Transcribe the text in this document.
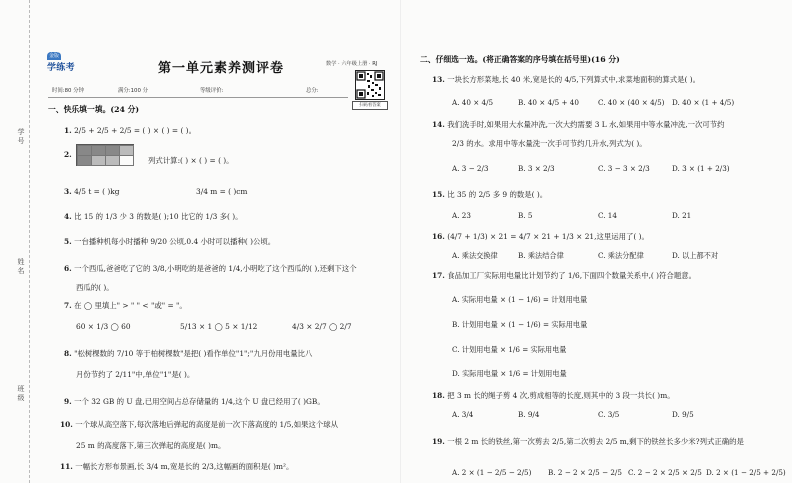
学号
姓名
班级
金版
学练考	第一单元素养测评卷	数学 · 六年级上册 · RJ
扫码看答案
时间:80 分钟	满分:100 分	等级评价:	总分:
一、快乐填一填。(24 分)
1. 2/5 + 2/5 + 2/5 = ( ) × ( ) = ( )。
2.
列式计算:( ) × ( ) = ( )。
3. 4/5 t = ( )kg	3/4 m = ( )cm
4. 比 15 的 1/3 少 3 的数是( );10 比它的 1/3 多( )。
5. 一台播种机每小时播种 9/20 公顷,0.4 小时可以播种( )公顷。
6. 一个西瓜,爸爸吃了它的 3/8,小明吃的是爸爸的 1/4,小明吃了这个西瓜的( ),还剩下这个
西瓜的( )。
7. 在 ◯ 里填上" > " " < "或" = "。
60 × 1/3 ◯ 60	5/13 × 1 ◯ 5 × 1/12	4/3 × 2/7 ◯ 2/7
8. "松树棵数的 7/10 等于柏树棵数"是把( )看作单位"1";"九月份用电量比八
月份节约了 2/11"中,单位"1"是( )。
9. 一个 32 GB 的 U 盘,已用空间占总存储量的 1/4,这个 U 盘已经用了( )GB。
10. 一个球从高空落下,每次落地后弹起的高度是前一次下落高度的 1/5,如果这个球从
25 m 的高度落下,第三次弹起的高度是( )m。
11. 一幅长方形布景画,长 3/4 m,宽是长的 2/3,这幅画的面积是( )m²。
二、仔细选一选。(将正确答案的序号填在括号里)(16 分)
13. 一块长方形菜地,长 40 米,宽是长的 4/5,下列算式中,求菜地面积的算式是( )。
A. 40 × 4/5	B. 40 × 4/5 + 40	C. 40 × (40 × 4/5) D. 40 × (1 + 4/5)
14. 我们洗手时,如果用大水量冲洗,一次大约需要 3 L 水,如果用中等水量冲洗,一次可节约
2/3 的水。求用中等水量洗一次手可节约几升水,列式为( )。
A. 3 − 2/3	B. 3 × 2/3	C. 3 − 3 × 2/3	D. 3 × (1 + 2/3)
15. 比 35 的 2/5 多 9 的数是( )。
A. 23	B. 5	C. 14	D. 21
16. (4/7 + 1/3) × 21 = 4/7 × 21 + 1/3 × 21,这里运用了( )。
A. 乘法交换律	B. 乘法结合律	C. 乘法分配律	D. 以上都不对
17. 食品加工厂实际用电量比计划节约了 1/6,下面四个数量关系中,( )符合题意。
A. 实际用电量 × (1 − 1/6) = 计划用电量
B. 计划用电量 × (1 − 1/6) = 实际用电量
C. 计划用电量 × 1/6 = 实际用电量
D. 实际用电量 × 1/6 = 计划用电量
18. 把 3 m 长的绳子剪 4 次,剪成相等的长度,则其中的 3 段一共长( )m。
A. 3/4	B. 9/4	C. 3/5	D. 9/5
19. 一根 2 m 长的铁丝,第一次剪去 2/5,第二次剪去 2/5 m,剩下的铁丝长多少米?列式正确的是
A. 2 × (1 − 2/5 − 2/5) B. 2 − 2 × 2/5 − 2/5 C. 2 − 2 × 2/5 × 2/5 D. 2 × (1 − 2/5 + 2/5)
